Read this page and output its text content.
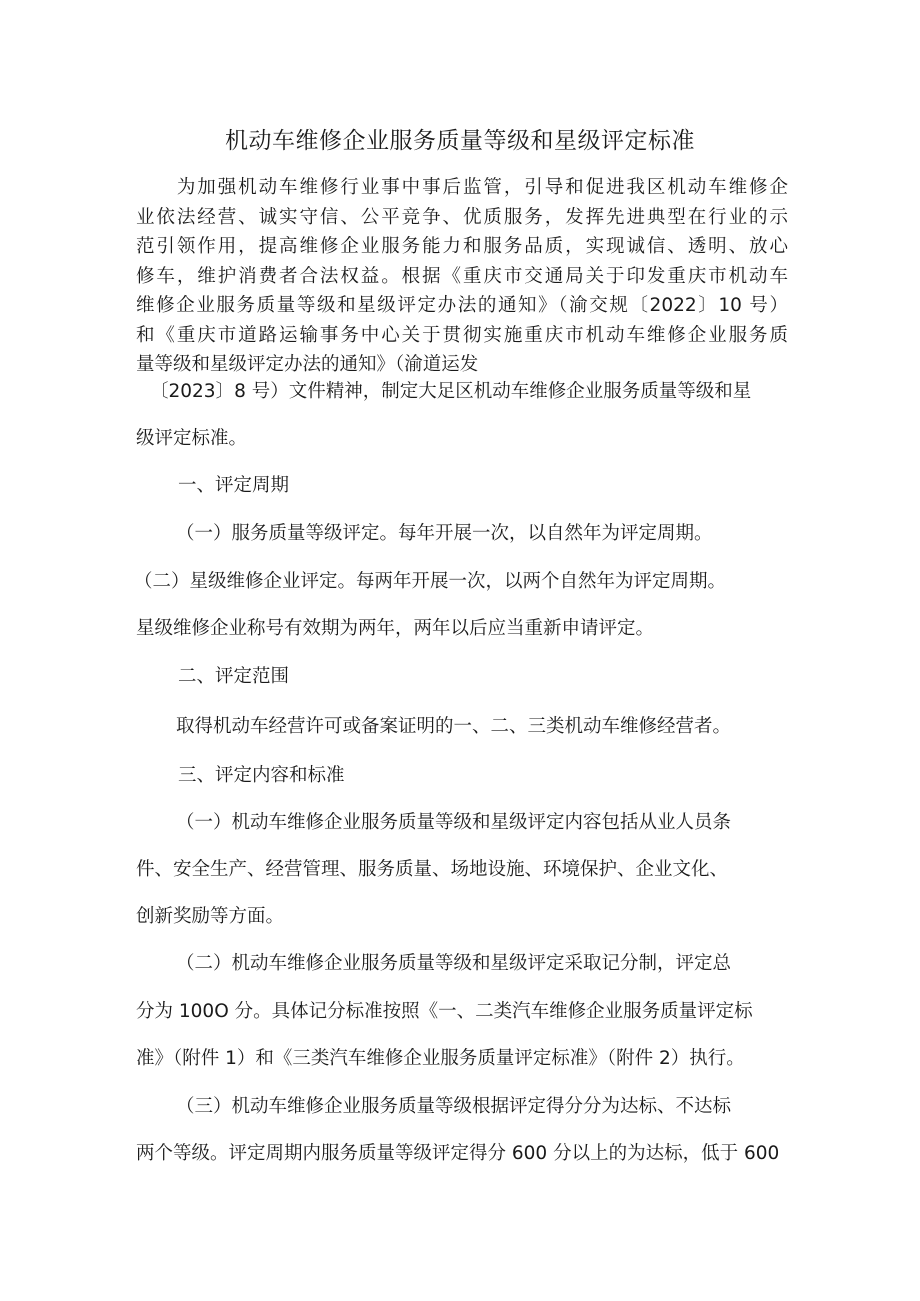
机动车维修企业服务质量等级和星级评定标准
　　为加强机动车维修行业事中事后监管，引导和促进我区机动车维修企
业依法经营、诚实守信、公平竞争、优质服务，发挥先进典型在行业的示
范引领作用，提高维修企业服务能力和服务品质，实现诚信、透明、放心
修车，维护消费者合法权益。根据《重庆市交通局关于印发重庆市机动车
维修企业服务质量等级和星级评定办法的通知》（渝交规〔2022〕10 号）
和《重庆市道路运输事务中心关于贯彻实施重庆市机动车维修企业服务质
量等级和星级评定办法的通知》（渝道运发
〔2023〕8 号）文件精神，制定大足区机动车维修企业服务质量等级和星
级评定标准。
一、评定周期
（一）服务质量等级评定。每年开展一次，以自然年为评定周期。
（二）星级维修企业评定。每两年开展一次，以两个自然年为评定周期。
星级维修企业称号有效期为两年，两年以后应当重新申请评定。
二、评定范围
取得机动车经营许可或备案证明的一、二、三类机动车维修经营者。
三、评定内容和标准
（一）机动车维修企业服务质量等级和星级评定内容包括从业人员条
件、安全生产、经营管理、服务质量、场地设施、环境保护、企业文化、
创新奖励等方面。
（二）机动车维修企业服务质量等级和星级评定采取记分制，评定总
分为 100O 分。具体记分标准按照《一、二类汽车维修企业服务质量评定标
准》（附件 1）和《三类汽车维修企业服务质量评定标准》（附件 2）执行。
（三）机动车维修企业服务质量等级根据评定得分分为达标、不达标
两个等级。评定周期内服务质量等级评定得分 600 分以上的为达标，低于 600
